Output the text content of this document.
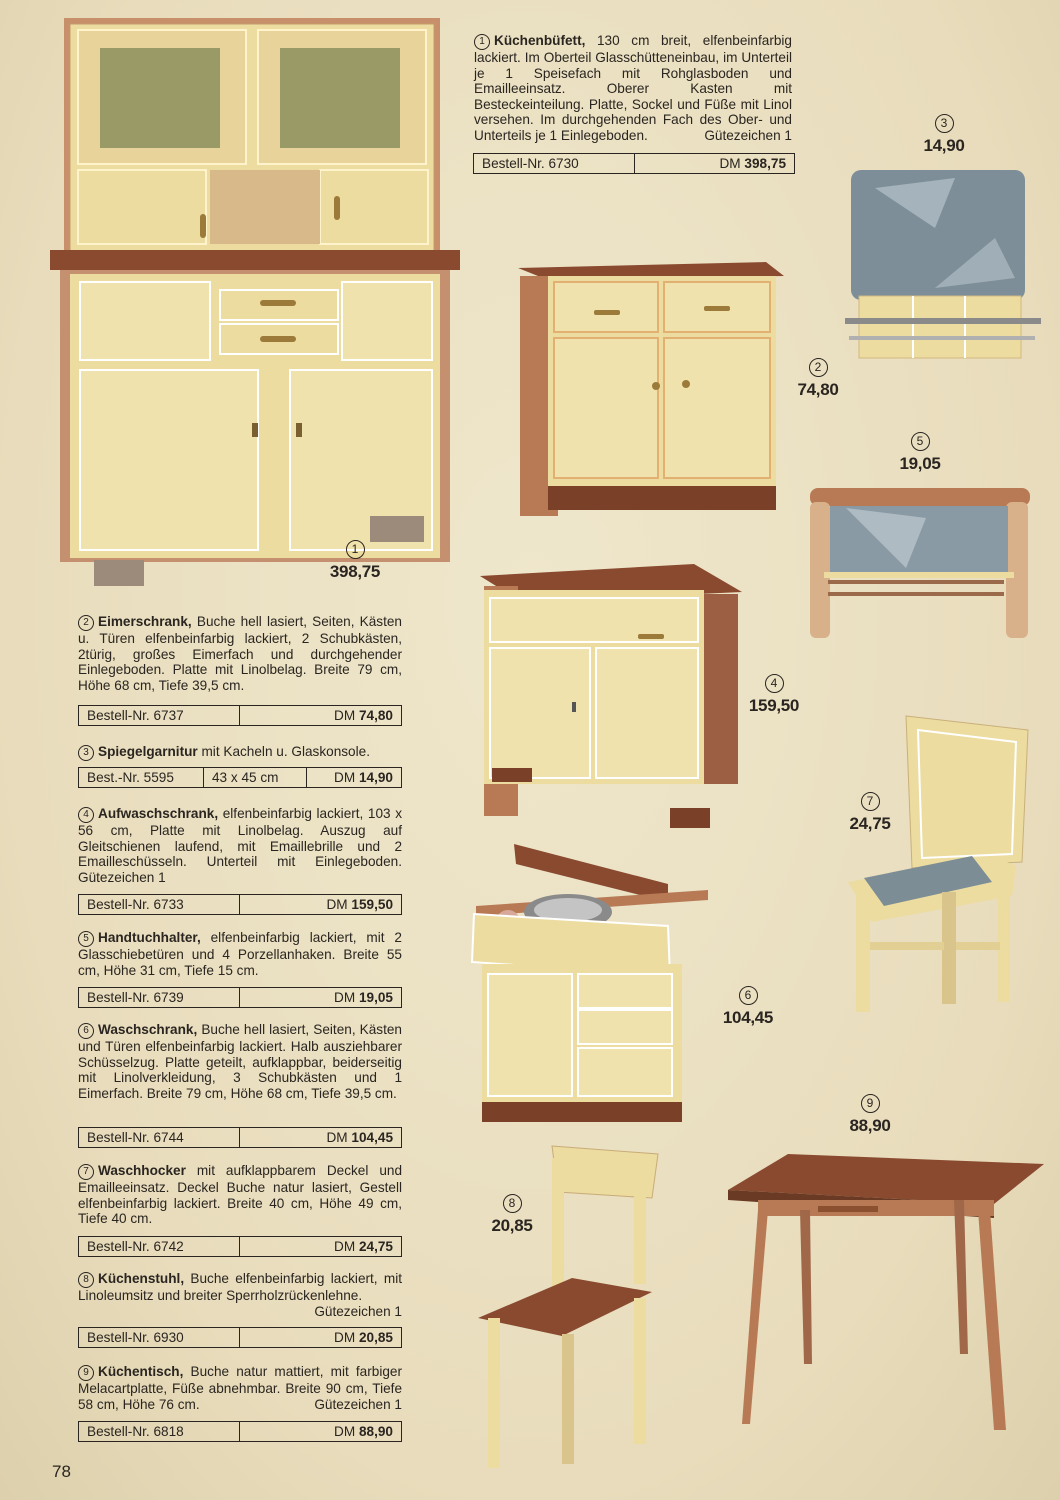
1
398,75
2
74,80
3
14,90
4
159,50
5
19,05
6
104,45
7
24,75
8
20,85
9
88,90
1 Küchenbüfett, 130 cm breit, elfenbeinfarbig lackiert. Im Oberteil Glasschütteneinbau, im Unterteil je 1 Speisefach mit Rohglasboden und Emailleeinsatz. Oberer Kasten mit Besteckeinteilung. Platte, Sockel und Füße mit Linol versehen. Im durchgehenden Fach des Ober- und Unterteils je 1 Einlegeboden.	Gütezeichen 1
Bestell-Nr. 6730	DM 398,75
2 Eimerschrank, Buche hell lasiert, Seiten, Kästen u. Türen elfenbeinfarbig lackiert, 2 Schubkästen, 2türig, großes Eimerfach und durchgehender Einlegeboden. Platte mit Linolbelag. Breite 79 cm, Höhe 68 cm, Tiefe 39,5 cm.
Bestell-Nr. 6737	DM 74,80
3 Spiegelgarnitur mit Kacheln u. Glaskonsole.
Best.-Nr. 5595	43 x 45 cm	DM 14,90
4 Aufwaschschrank, elfenbeinfarbig lackiert, 103 x 56 cm, Platte mit Linolbelag. Auszug auf Gleitschienen laufend, mit Emaillebrille und 2 Emailleschüsseln. Unterteil mit Einlegeboden. Gütezeichen 1
Bestell-Nr. 6733	DM 159,50
5 Handtuchhalter, elfenbeinfarbig lackiert, mit 2 Glasschiebetüren und 4 Porzellanhaken. Breite 55 cm, Höhe 31 cm, Tiefe 15 cm.
Bestell-Nr. 6739	DM 19,05
6 Waschschrank, Buche hell lasiert, Seiten, Kästen und Türen elfenbeinfarbig lackiert. Halb ausziehbarer Schüsselzug. Platte geteilt, aufklappbar, beiderseitig mit Linolverkleidung, 3 Schubkästen und 1 Eimerfach. Breite 79 cm, Höhe 68 cm, Tiefe 39,5 cm.
Bestell-Nr. 6744	DM 104,45
7 Waschhocker mit aufklappbarem Deckel und Emailleeinsatz. Deckel Buche natur lasiert, Gestell elfenbeinfarbig lackiert. Breite 40 cm, Höhe 49 cm, Tiefe 40 cm.
Bestell-Nr. 6742	DM 24,75
8 Küchenstuhl, Buche elfenbeinfarbig lackiert, mit Linoleumsitz und breiter Sperrholzrückenlehne.
Gütezeichen 1
Bestell-Nr. 6930	DM 20,85
9 Küchentisch, Buche natur mattiert, mit farbiger Melacartplatte, Füße abnehmbar. Breite 90 cm, Tiefe 58 cm, Höhe 76 cm.	Gütezeichen 1
Bestell-Nr. 6818	DM 88,90
78
